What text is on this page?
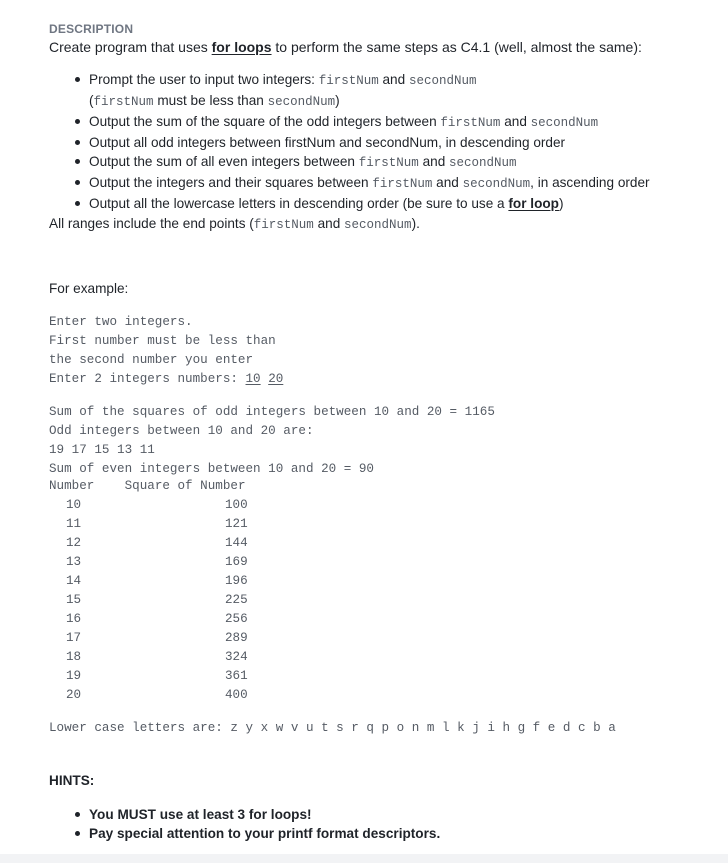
DESCRIPTION
Create program that uses for loops to perform the same steps as C4.1 (well, almost the same):
Prompt the user to input two integers: firstNum and secondNum
(firstNum must be less than secondNum)
Output the sum of the square of the odd integers between firstNum and secondNum
Output all odd integers between firstNum and secondNum, in descending order
Output the sum of all even integers between firstNum and secondNum
Output the integers and their squares between firstNum and secondNum, in ascending order
Output all the lowercase letters in descending order (be sure to use a for loop)
All ranges include the end points (firstNum and secondNum).
For example:
Enter two integers.
First number must be less than
the second number you enter
Enter 2 integers numbers: 10 20
Sum of the squares of odd integers between 10 and 20 = 1165
Odd integers between 10 and 20 are:
19 17 15 13 11
Sum of even integers between 10 and 20 = 90
Number Square of Number
10	100
11	121
12	144
13	169
14	196
15	225
16	256
17	289
18	324
19	361
20	400
Lower case letters are: z y x w v u t s r q p o n m l k j i h g f e d c b a
HINTS:
You MUST use at least 3 for loops!
Pay special attention to your printf format descriptors.
